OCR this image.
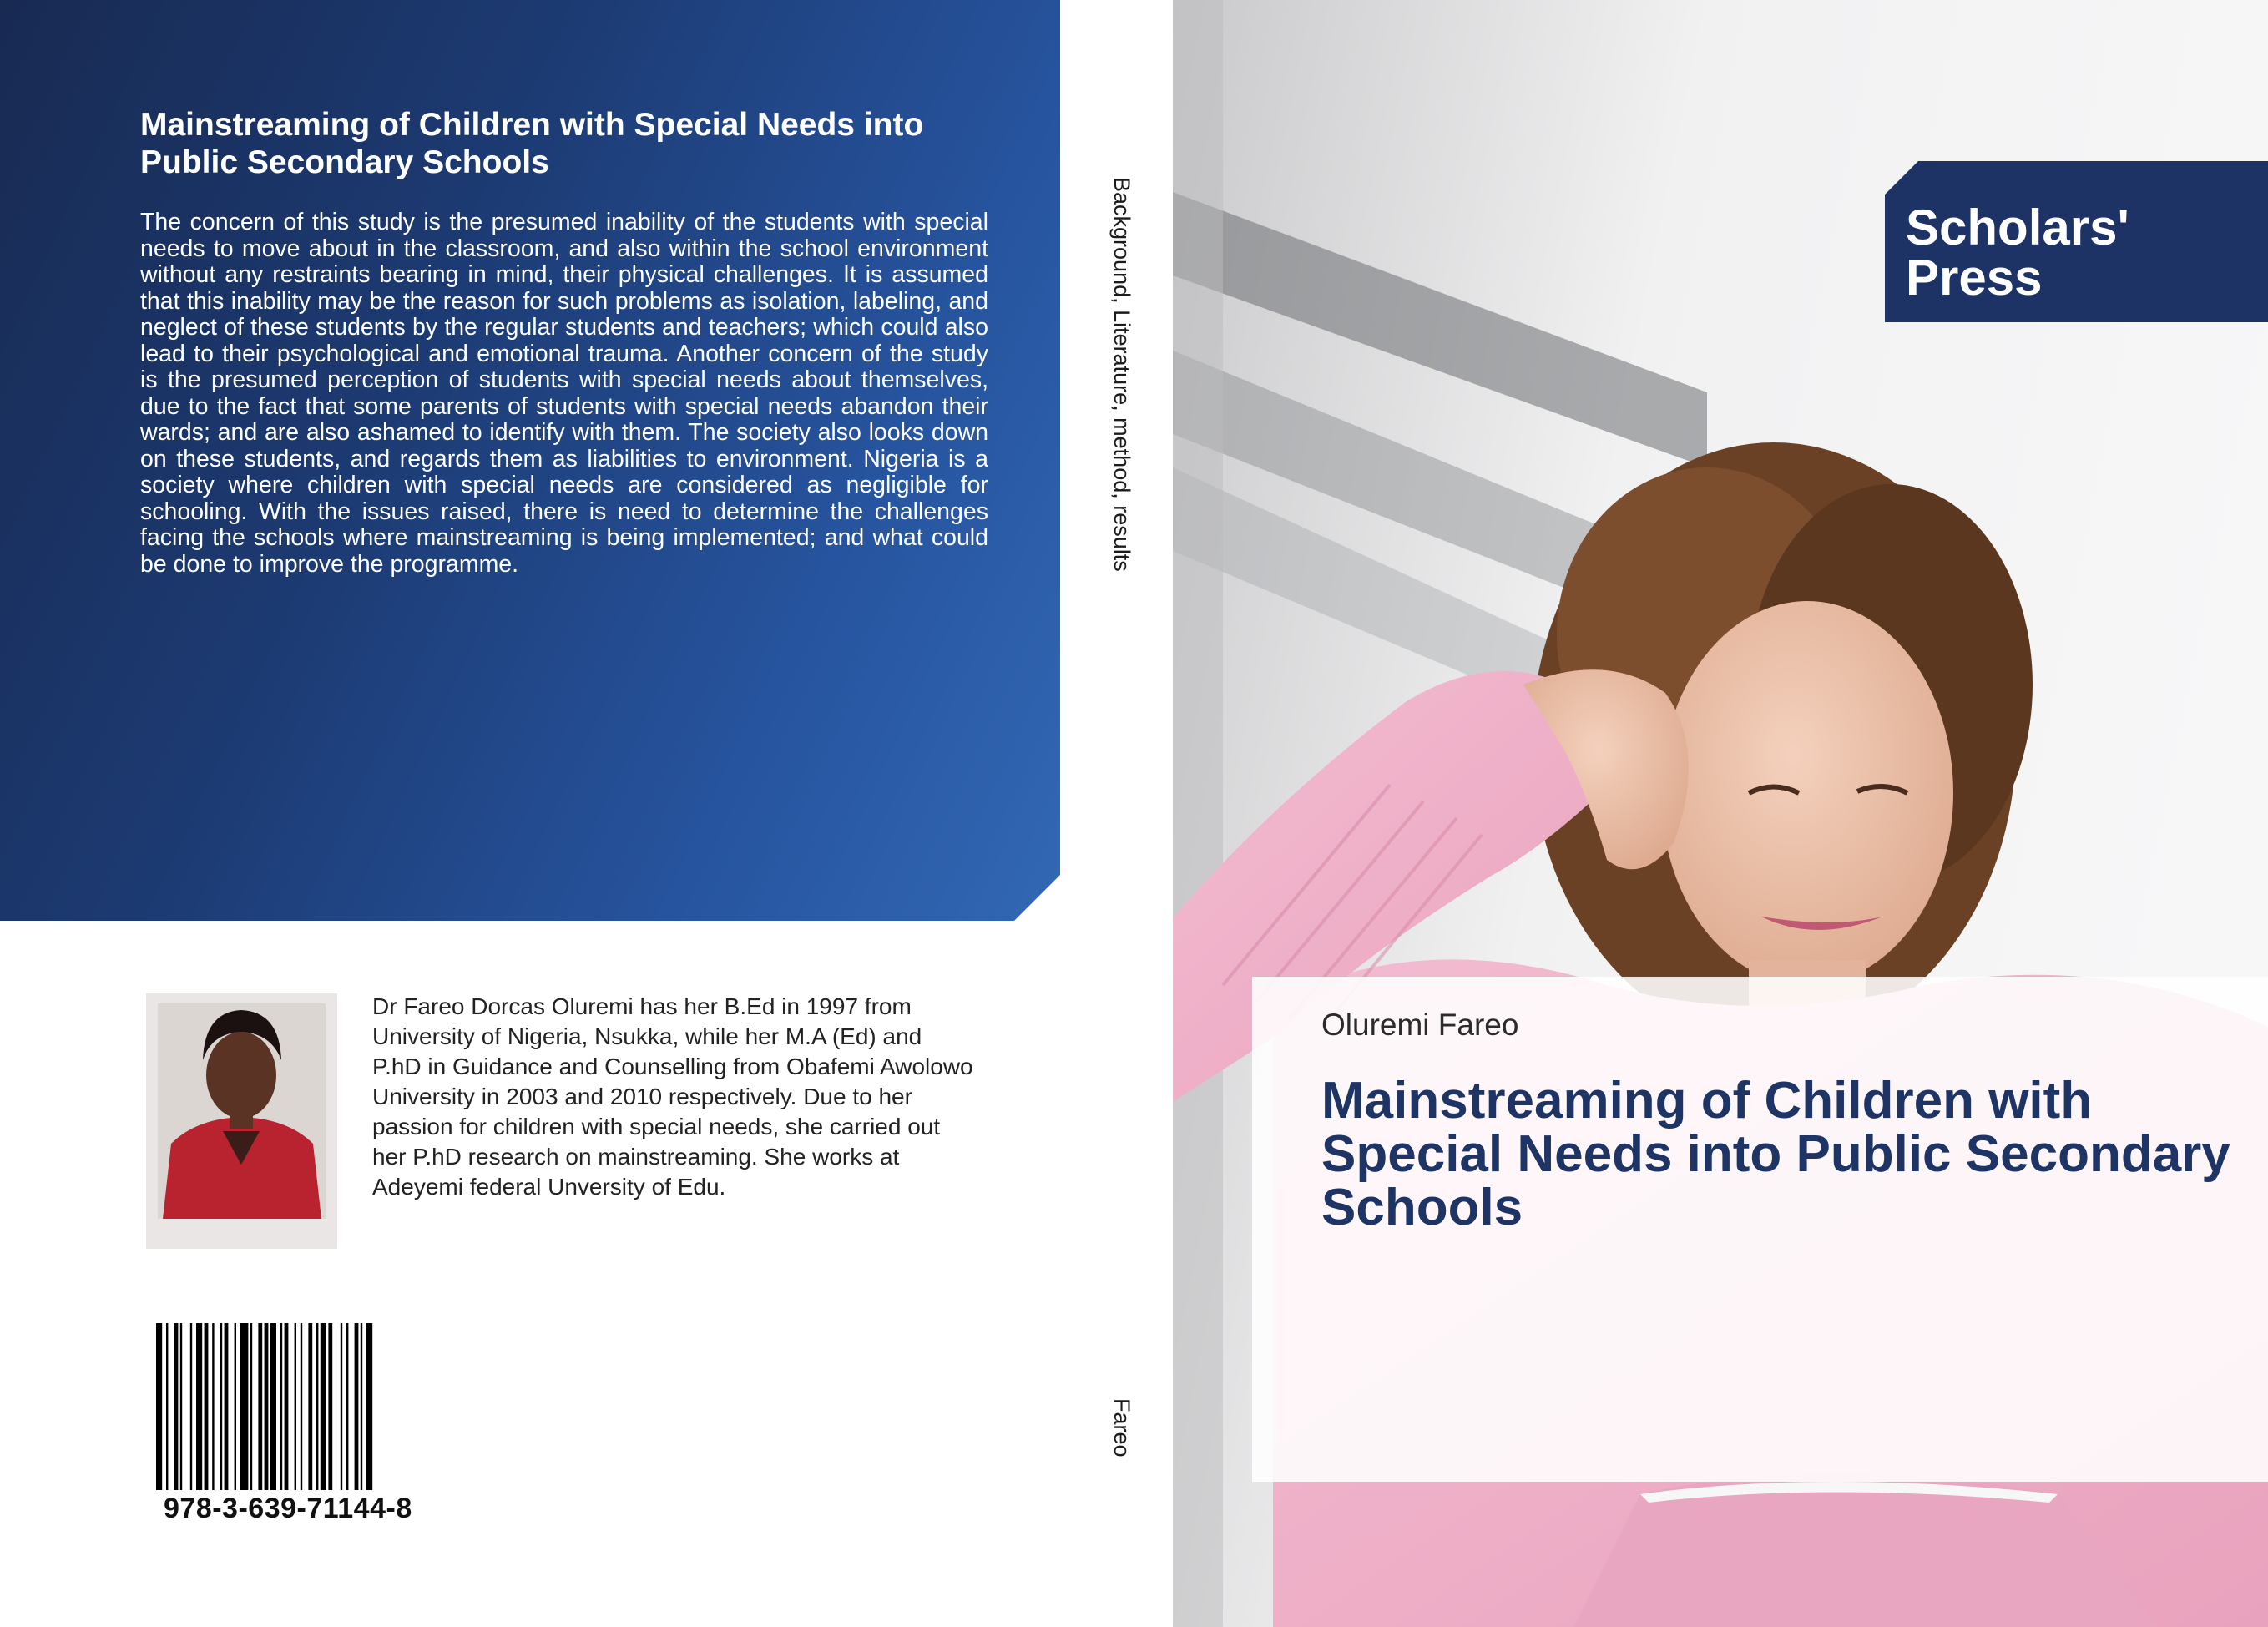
Mainstreaming of Children with Special Needs into Public Secondary Schools

The concern of this study is the presumed inability of the students with special needs to move about in the classroom, and also within the school environment without any restraints bearing in mind, their physical challenges. It is assumed that this inability may be the reason for such problems as isolation, labeling, and neglect of these students by the regular students and teachers; which could also lead to their psychological and emotional trauma. Another concern of the study is the presumed perception of students with special needs about themselves, due to the fact that some parents of students with special needs abandon their wards; and are also ashamed to identify with them. The society also looks down on these students, and regards them as liabilities to environment. Nigeria is a society where children with special needs are considered as negligible for schooling. With the issues raised, there is need to determine the challenges facing the schools where mainstreaming is being implemented; and what could be done to improve the programme.

Dr Fareo Dorcas Oluremi has her B.Ed in 1997 from University of Nigeria, Nsukka, while her M.A (Ed) and P.hD in Guidance and Counselling from Obafemi Awolowo University in 2003 and 2010 respectively. Due to her passion for children with special needs, she carried out her P.hD research on mainstreaming. She works at Adeyemi federal Unversity of Edu.

978-3-639-71144-8
Background, Literature, method, results
Fareo

Scholars' Press

Oluremi Fareo
Mainstreaming of Children with Special Needs into Public Secondary Schools
